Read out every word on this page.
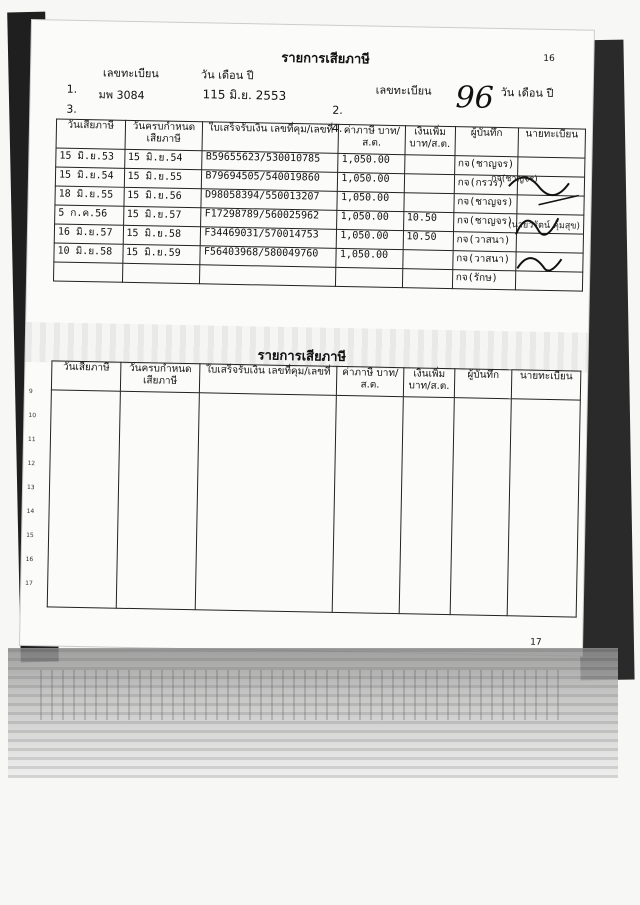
รายการเสียภาษี	16
เลขทะเบียน	วัน เดือน ปี
เลขทะเบียน	วัน เดือน ปี
1. มพ 3084	115 มิ.ย. 2553	96
2.
3.
4.
วันเสียภาษี	วันครบกำหนด เสียภาษี	ใบเสร็จรับเงิน เลขที่คุม/เลขที่	ค่าภาษี บาท/ส.ต.	เงินเพิ่ม บาท/ส.ต.	ผู้บันทึก	นายทะเบียน
15 มิ.ย.53	15 มิ.ย.54	B59655623/530010785	1,050.00		กจ(ชาญจร)	
15 มิ.ย.54	15 มิ.ย.55	B79694505/540019860	1,050.00		กจ(กรวร)	
18 มิ.ย.55	15 มิ.ย.56	D98058394/550013207	1,050.00		กจ(ชาญจร)	
5 ก.ค.56	15 มิ.ย.57	F17298789/560025962	1,050.00	10.50	กจ(ชาญจร)	
16 มิ.ย.57	15 มิ.ย.58	F34469031/570014753	1,050.00	10.50	กจ(วาสนา)	
10 มิ.ย.58	15 มิ.ย.59	F56403968/580049760	1,050.00		กจ(วาสนา)	
					กจ(รักษ)	
กจ(ชาญจร)
(นายวิรัตน์ คุ้มสุข)
รายการเสียภาษี
วันเสียภาษี	วันครบกำหนด เสียภาษี	ใบเสร็จรับเงิน เลขที่คุม/เลขที่	ค่าภาษี บาท/ส.ต.	เงินเพิ่ม บาท/ส.ต.	ผู้บันทึก	นายทะเบียน

9
10
11
12
13
14
15
16
17
17
